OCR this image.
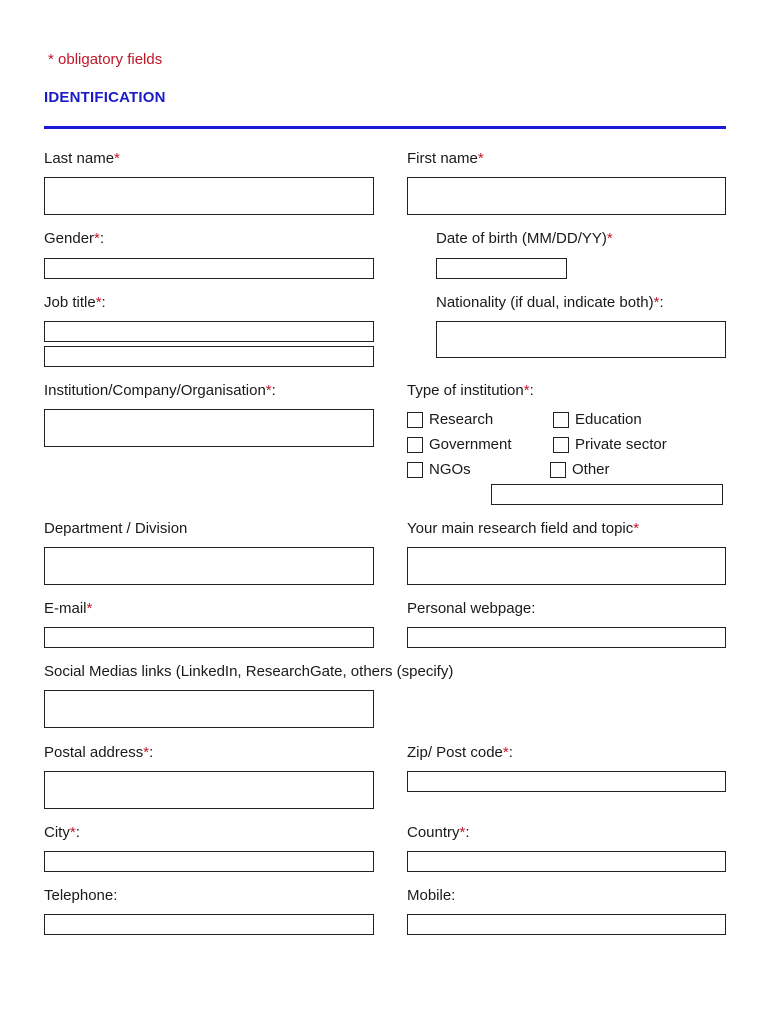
* obligatory fields
IDENTIFICATION
Last name*	First name*
Gender*:	Date of birth (MM/DD/YY)*
Job title*:	Nationality (if dual, indicate both)*:
Institution/Company/Organisation*:	Type of institution*:
Research	Education
Government	Private sector
NGOs	Other
Department / Division	Your main research field and topic*
E-mail*	Personal webpage:
Social Medias links (LinkedIn, ResearchGate, others (specify)
Postal address*:	Zip/ Post code*:
City*:	Country*:
Telephone:	Mobile:
